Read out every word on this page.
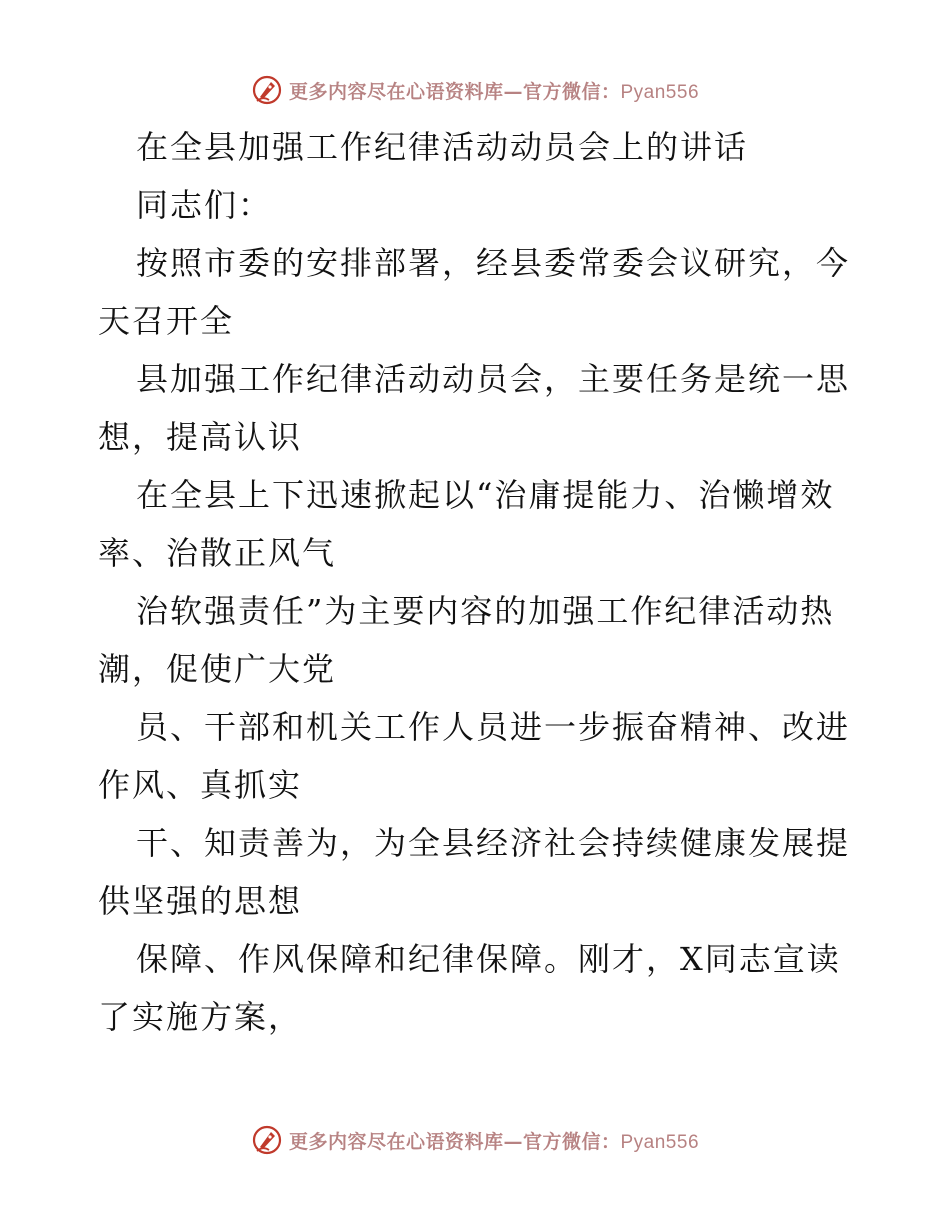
更多内容尽在心语资料库—官方微信：Pyan556
在全县加强工作纪律活动动员会上的讲话
同志们：
按照市委的安排部署，经县委常委会议研究，今
天召开全
县加强工作纪律活动动员会，主要任务是统一思
想，提高认识
在全县上下迅速掀起以“治庸提能力、治懒增效
率、治散正风气
治软强责任”为主要内容的加强工作纪律活动热
潮，促使广大党
员、干部和机关工作人员进一步振奋精神、改进
作风、真抓实
干、知责善为，为全县经济社会持续健康发展提
供坚强的思想
保障、作风保障和纪律保障。刚才，X同志宣读
了实施方案，
更多内容尽在心语资料库—官方微信：Pyan556
